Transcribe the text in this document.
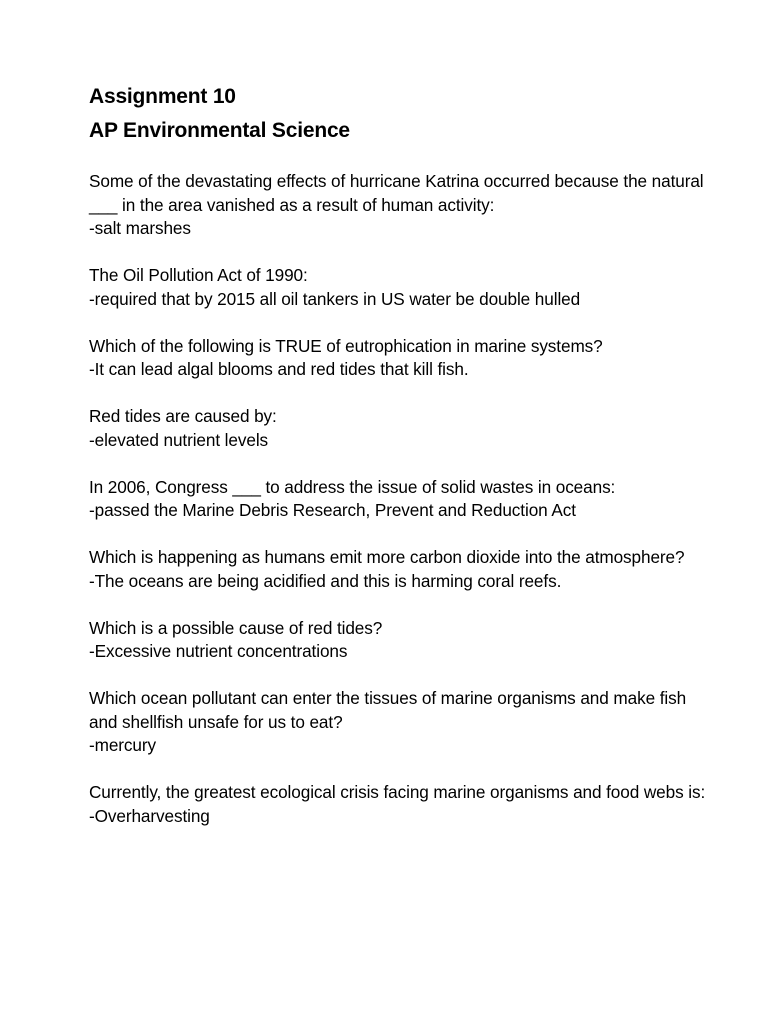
Assignment 10
AP Environmental Science

Some of the devastating effects of hurricane Katrina occurred because the natural ___ in the area vanished as a result of human activity:
-salt marshes

The Oil Pollution Act of 1990:
-required that by 2015 all oil tankers in US water be double hulled

Which of the following is TRUE of eutrophication in marine systems?
-It can lead algal blooms and red tides that kill fish.

Red tides are caused by:
-elevated nutrient levels

In 2006, Congress ___ to address the issue of solid wastes in oceans:
-passed the Marine Debris Research, Prevent and Reduction Act

Which is happening as humans emit more carbon dioxide into the atmosphere?
-The oceans are being acidified and this is harming coral reefs.

Which is a possible cause of red tides?
-Excessive nutrient concentrations

Which ocean pollutant can enter the tissues of marine organisms and make fish and shellfish unsafe for us to eat?
-mercury

Currently, the greatest ecological crisis facing marine organisms and food webs is:
-Overharvesting
